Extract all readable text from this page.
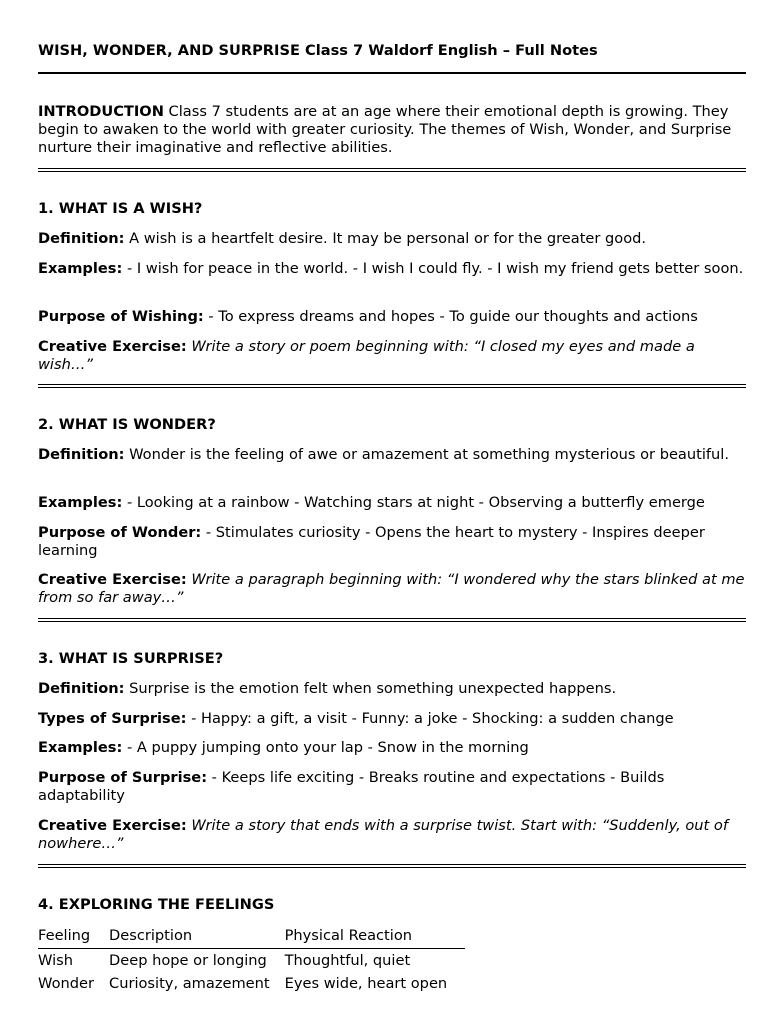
WISH, WONDER, AND SURPRISE Class 7 Waldorf English – Full Notes
INTRODUCTION Class 7 students are at an age where their emotional depth is growing. They begin to awaken to the world with greater curiosity. The themes of Wish, Wonder, and Surprise nurture their imaginative and reflective abilities.
1. WHAT IS A WISH?
Definition: A wish is a heartfelt desire. It may be personal or for the greater good.
Examples: - I wish for peace in the world. - I wish I could fly. - I wish my friend gets better soon.
Purpose of Wishing: - To express dreams and hopes - To guide our thoughts and actions
Creative Exercise: Write a story or poem beginning with: “I closed my eyes and made a wish…”
2. WHAT IS WONDER?
Definition: Wonder is the feeling of awe or amazement at something mysterious or beautiful.
Examples: - Looking at a rainbow - Watching stars at night - Observing a butterfly emerge
Purpose of Wonder: - Stimulates curiosity - Opens the heart to mystery - Inspires deeper learning
Creative Exercise: Write a paragraph beginning with: “I wondered why the stars blinked at me from so far away…”
3. WHAT IS SURPRISE?
Definition: Surprise is the emotion felt when something unexpected happens.
Types of Surprise: - Happy: a gift, a visit - Funny: a joke - Shocking: a sudden change
Examples: - A puppy jumping onto your lap - Snow in the morning
Purpose of Surprise: - Keeps life exciting - Breaks routine and expectations - Builds adaptability
Creative Exercise: Write a story that ends with a surprise twist. Start with: “Suddenly, out of nowhere…”
4. EXPLORING THE FEELINGS
Feeling	Description	Physical Reaction
Wish	Deep hope or longing	Thoughtful, quiet
Wonder	Curiosity, amazement	Eyes wide, heart open
